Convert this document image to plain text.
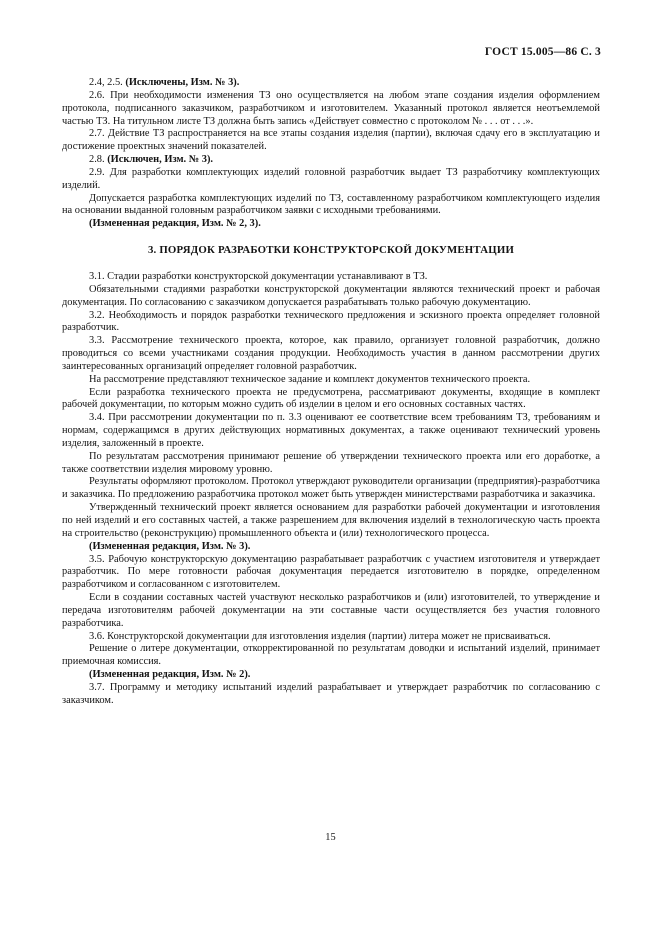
ГОСТ 15.005—86 С. 3

2.4, 2.5. (Исключены, Изм. № 3).

2.6. При необходимости изменения ТЗ оно осуществляется на любом этапе создания изделия оформлением протокола, подписанного заказчиком, разработчиком и изготовителем. Указанный протокол является неотъемлемой частью ТЗ. На титульном листе ТЗ должна быть запись «Действует совместно с протоколом № . . . от . . .».

2.7. Действие ТЗ распространяется на все этапы создания изделия (партии), включая сдачу его в эксплуатацию и достижение проектных значений показателей.

2.8. (Исключен, Изм. № 3).

2.9. Для разработки комплектующих изделий головной разработчик выдает ТЗ разработчику комплектующих изделий.

Допускается разработка комплектующих изделий по ТЗ, составленному разработчиком комплектующего изделия на основании выданной головным разработчиком заявки с исходными требованиями.

(Измененная редакция, Изм. № 2, 3).

3. ПОРЯДОК РАЗРАБОТКИ КОНСТРУКТОРСКОЙ ДОКУМЕНТАЦИИ

3.1. Стадии разработки конструкторской документации устанавливают в ТЗ.

Обязательными стадиями разработки конструкторской документации являются технический проект и рабочая документация. По согласованию с заказчиком допускается разрабатывать только рабочую документацию.

3.2. Необходимость и порядок разработки технического предложения и эскизного проекта определяет головной разработчик.

3.3. Рассмотрение технического проекта, которое, как правило, организует головной разработчик, должно проводиться со всеми участниками создания продукции. Необходимость участия в данном рассмотрении других заинтересованных организаций определяет головной разработчик.

На рассмотрение представляют техническое задание и комплект документов технического проекта.

Если разработка технического проекта не предусмотрена, рассматривают документы, входящие в комплект рабочей документации, по которым можно судить об изделии в целом и его основных составных частях.

3.4. При рассмотрении документации по п. 3.3 оценивают ее соответствие всем требованиям ТЗ, требованиям и нормам, содержащимся в других действующих нормативных документах, а также оценивают технический уровень изделия, заложенный в проекте.

По результатам рассмотрения принимают решение об утверждении технического проекта или его доработке, а также соответствии изделия мировому уровню.

Результаты оформляют протоколом. Протокол утверждают руководители организации (предприятия)-разработчика и заказчика. По предложению разработчика протокол может быть утвержден министерствами разработчика и заказчика.

Утвержденный технический проект является основанием для разработки рабочей документации и изготовления по ней изделий и его составных частей, а также разрешением для включения изделий в технологическую часть проекта на строительство (реконструкцию) промышленного объекта и (или) технологического процесса.

(Измененная редакция, Изм. № 3).

3.5. Рабочую конструкторскую документацию разрабатывает разработчик с участием изготовителя и утверждает разработчик. По мере готовности рабочая документация передается изготовителю в порядке, определенном разработчиком и согласованном с изготовителем.

Если в создании составных частей участвуют несколько разработчиков и (или) изготовителей, то утверждение и передача изготовителям рабочей документации на эти составные части осуществляется без участия головного разработчика.

3.6. Конструкторской документации для изготовления изделия (партии) литера может не присваиваться.

Решение о литере документации, откорректированной по результатам доводки и испытаний изделий, принимает приемочная комиссия.

(Измененная редакция, Изм. № 2).

3.7. Программу и методику испытаний изделий разрабатывает и утверждает разработчик по согласованию с заказчиком.

15
